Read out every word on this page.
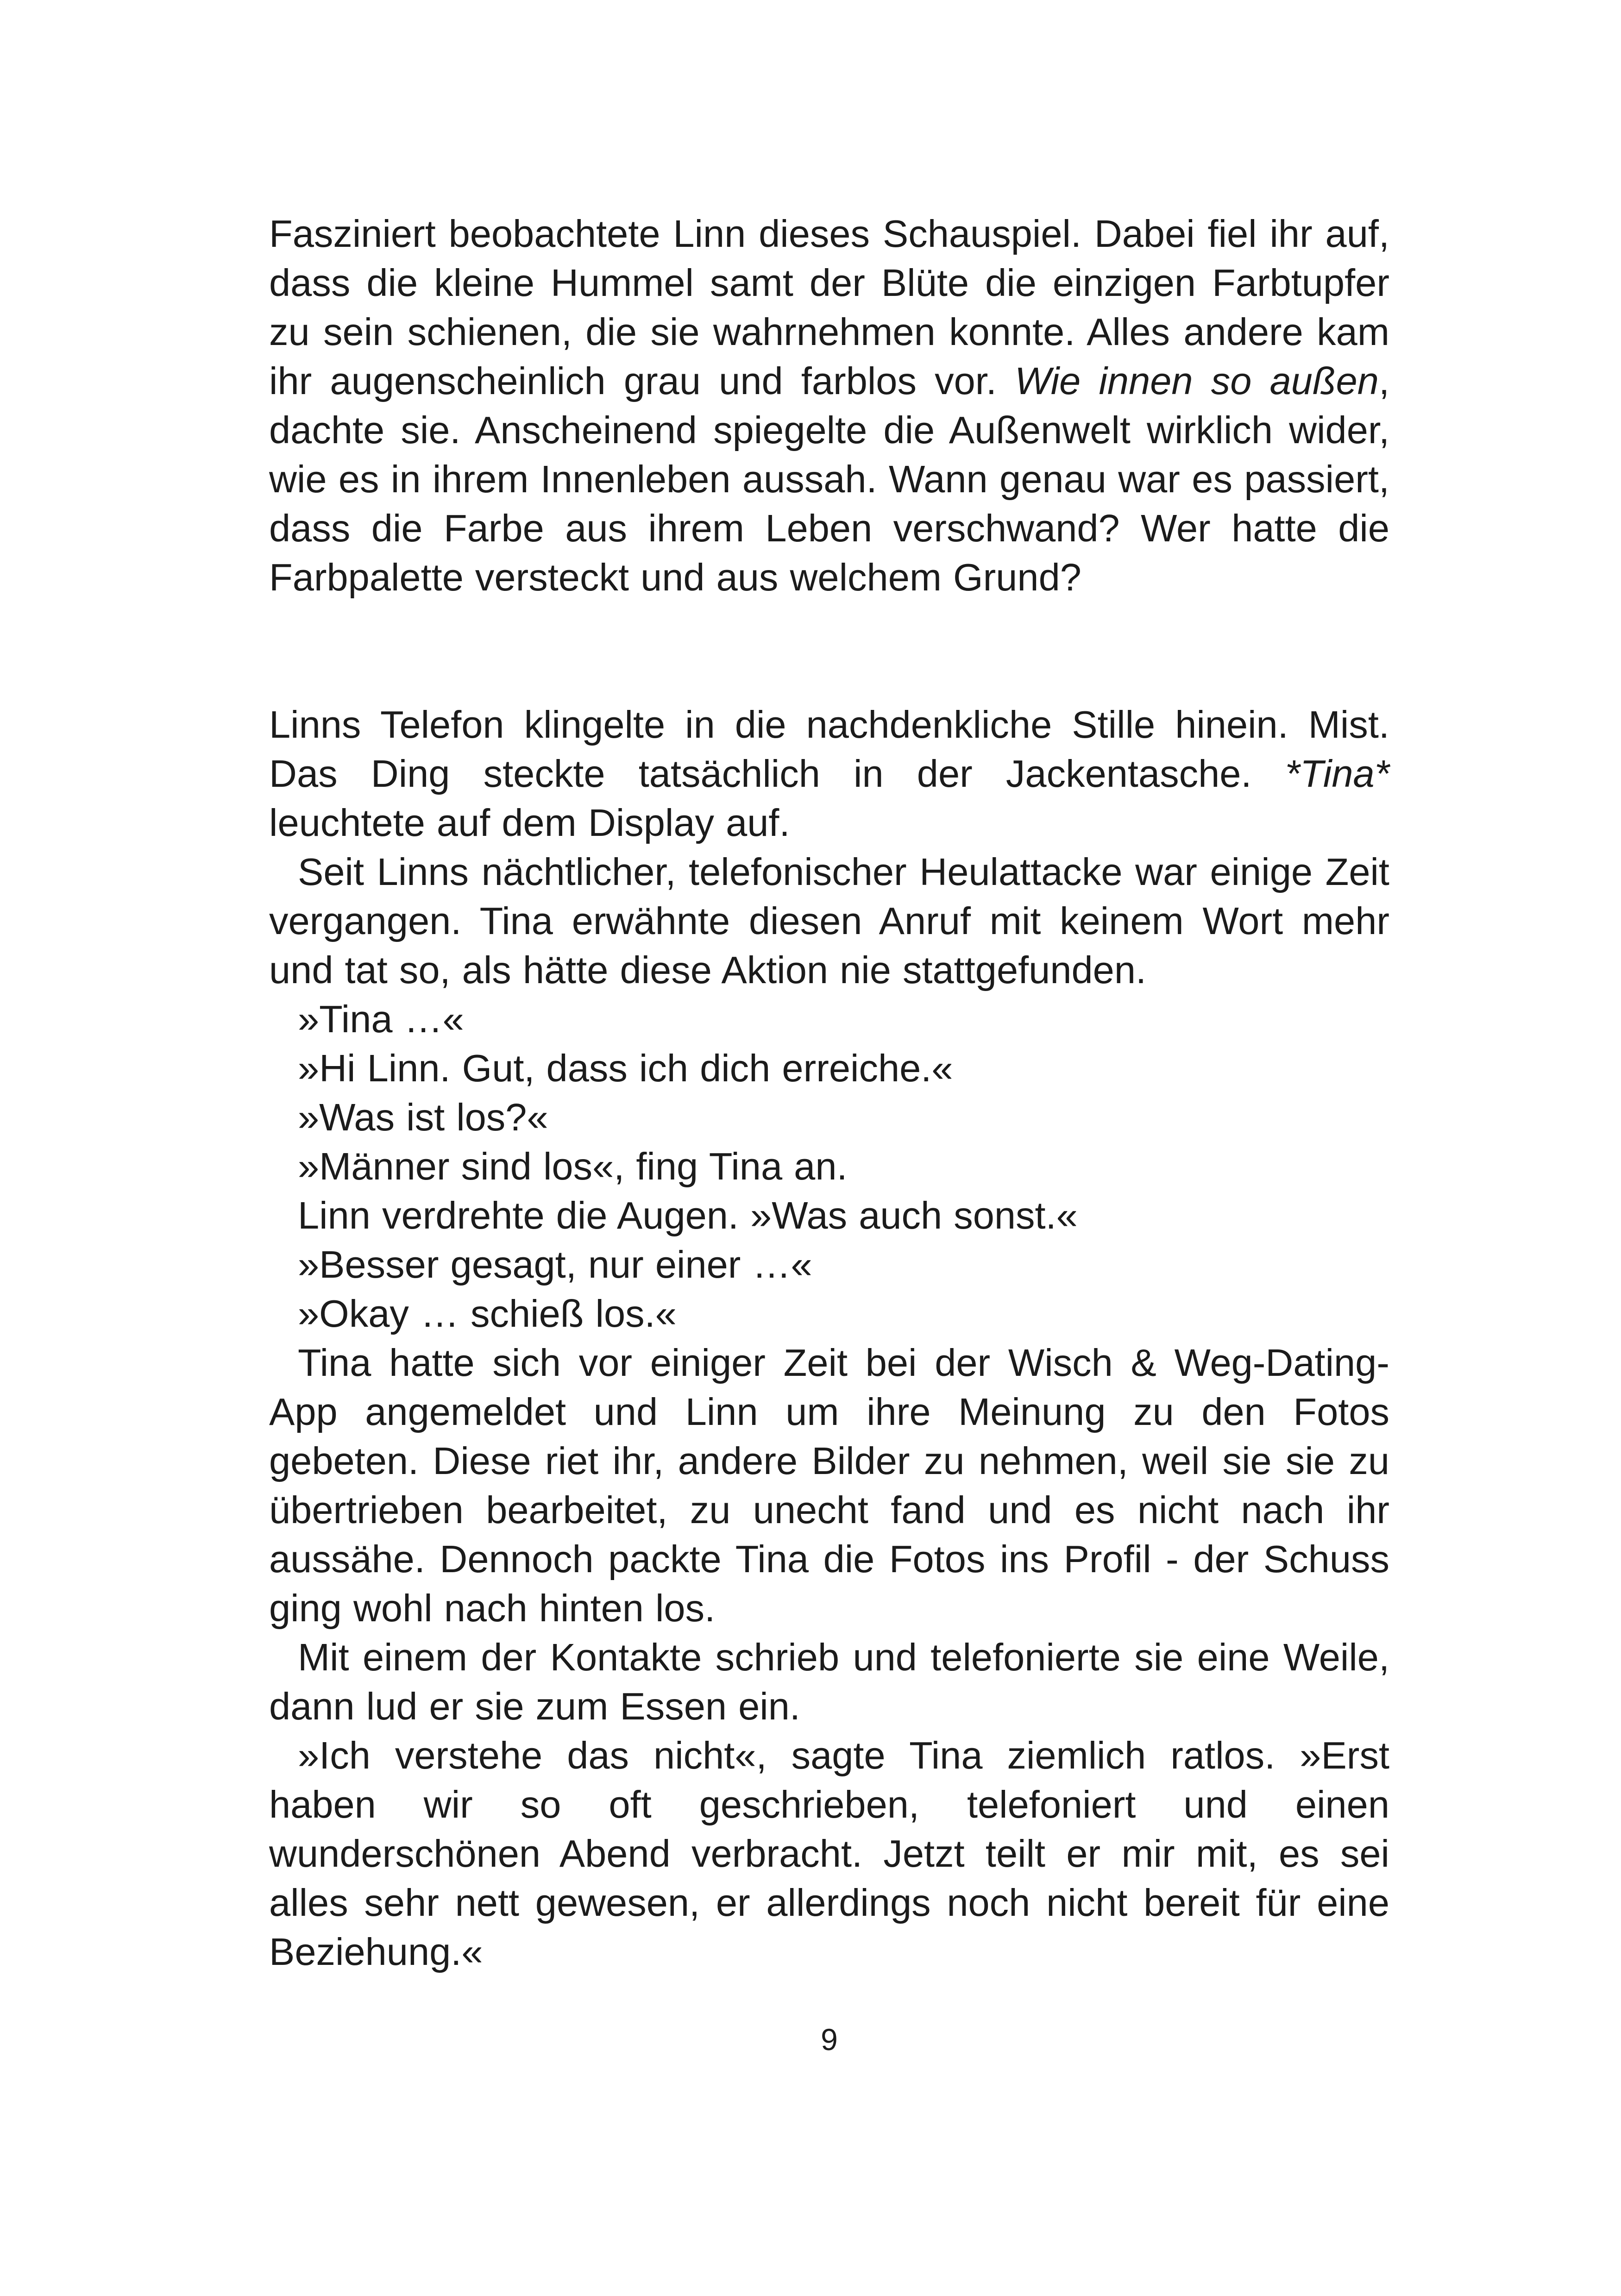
Fasziniert beobachtete Linn dieses Schauspiel. Dabei fiel ihr auf, dass die kleine Hummel samt der Blüte die einzigen Farbtupfer zu sein schienen, die sie wahrnehmen konnte. Alles andere kam ihr augenscheinlich grau und farblos vor. Wie innen so außen, dachte sie. Anscheinend spiegelte die Außenwelt wirklich wider, wie es in ihrem Innenleben aussah. Wann genau war es passiert, dass die Farbe aus ihrem Leben verschwand? Wer hatte die Farbpalette versteckt und aus welchem Grund?

Linns Telefon klingelte in die nachdenkliche Stille hinein. Mist. Das Ding steckte tatsächlich in der Jackentasche. *Tina* leuchtete auf dem Display auf.

Seit Linns nächtlicher, telefonischer Heulattacke war einige Zeit vergangen. Tina erwähnte diesen Anruf mit keinem Wort mehr und tat so, als hätte diese Aktion nie stattgefunden.

»Tina …«

»Hi Linn. Gut, dass ich dich erreiche.«

»Was ist los?«

»Männer sind los«, fing Tina an.

Linn verdrehte die Augen. »Was auch sonst.«

»Besser gesagt, nur einer …«

»Okay … schieß los.«

Tina hatte sich vor einiger Zeit bei der Wisch & Weg-Dating-App angemeldet und Linn um ihre Meinung zu den Fotos gebeten. Diese riet ihr, andere Bilder zu nehmen, weil sie sie zu übertrieben bearbeitet, zu unecht fand und es nicht nach ihr aussähe. Dennoch packte Tina die Fotos ins Profil - der Schuss ging wohl nach hinten los.

Mit einem der Kontakte schrieb und telefonierte sie eine Weile, dann lud er sie zum Essen ein.

»Ich verstehe das nicht«, sagte Tina ziemlich ratlos. »Erst haben wir so oft geschrieben, telefoniert und einen wunderschönen Abend verbracht. Jetzt teilt er mir mit, es sei alles sehr nett gewesen, er allerdings noch nicht bereit für eine Beziehung.«

9
